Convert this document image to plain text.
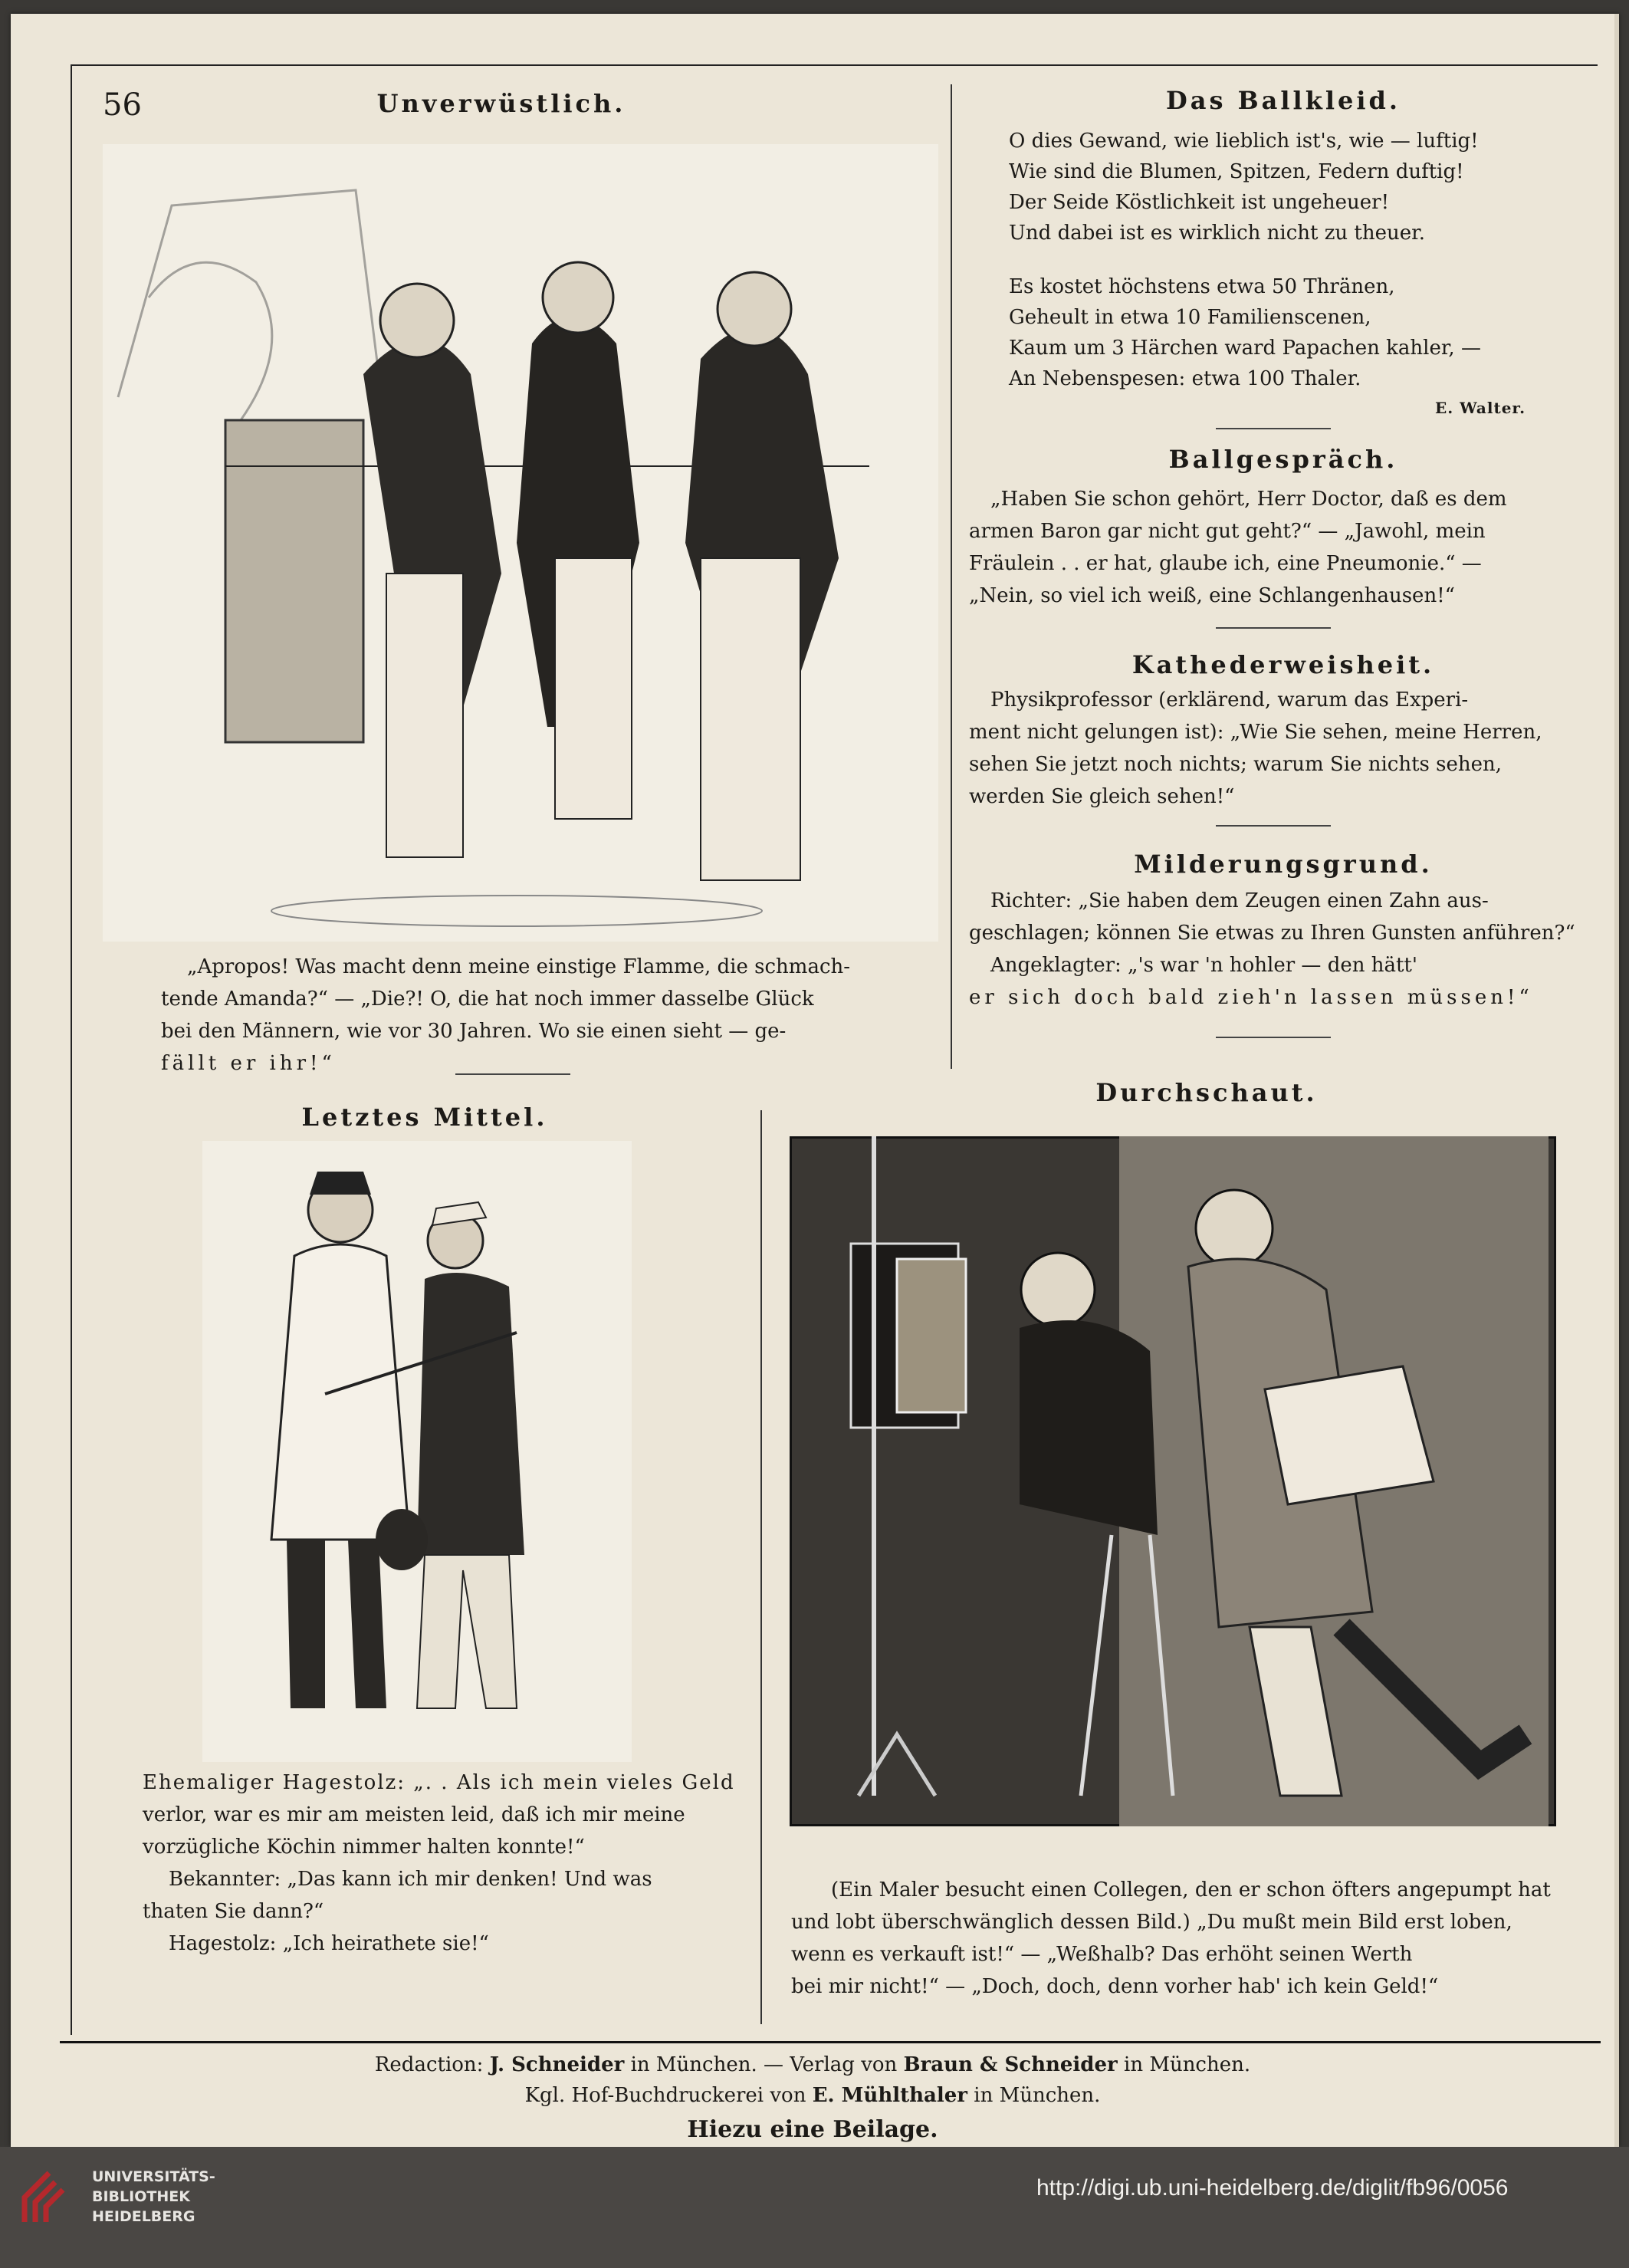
56	Unverwüstlich.

„Apropos! Was macht denn meine einstige Flamme, die schmach-

tende Amanda?“ — „Die?! O, die hat noch immer dasselbe Glück

bei den Männern, wie vor 30 Jahren. Wo sie einen sieht — ge-

fällt er ihr!“

Das Ballkleid.
O dies Gewand, wie lieblich ist's, wie — luftig!
Wie sind die Blumen, Spitzen, Federn duftig!
Der Seide Köstlichkeit ist ungeheuer!
Und dabei ist es wirklich nicht zu theuer.
Es kostet höchstens etwa 50 Thränen,
Geheult in etwa 10 Familienscenen,
Kaum um 3 Härchen ward Papachen kahler, —
An Nebenspesen: etwa 100 Thaler.
E. Walter.
Ballgespräch.

„Haben Sie schon gehört, Herr Doctor, daß es dem

armen Baron gar nicht gut geht?“ — „Jawohl, mein

Fräulein . . er hat, glaube ich, eine Pneumonie.“ —

„Nein, so viel ich weiß, eine Schlangenhausen!“

Kathederweisheit.

Physikprofessor (erklärend, warum das Experi-

ment nicht gelungen ist): „Wie Sie sehen, meine Herren,

sehen Sie jetzt noch nichts; warum Sie nichts sehen,

werden Sie gleich sehen!“

Milderungsgrund.

Richter: „Sie haben dem Zeugen einen Zahn aus-

geschlagen; können Sie etwas zu Ihren Gunsten anführen?“

Angeklagter: „'s war 'n hohler — den hätt'

er sich doch bald zieh'n lassen müssen!“

Letztes Mittel.

Ehemaliger Hagestolz: „. . Als ich mein vieles Geld

verlor, war es mir am meisten leid, daß ich mir meine

vorzügliche Köchin nimmer halten konnte!“

Bekannter: „Das kann ich mir denken! Und was

thaten Sie dann?“

Hagestolz: „Ich heirathete sie!“

Durchschaut.

(Ein Maler besucht einen Collegen, den er schon öfters angepumpt hat

und lobt überschwänglich dessen Bild.) „Du mußt mein Bild erst loben,

wenn es verkauft ist!“ — „Weßhalb? Das erhöht seinen Werth

bei mir nicht!“ — „Doch, doch, denn vorher hab' ich kein Geld!“

Redaction: J. Schneider in München. — Verlag von Braun & Schneider in München.
Kgl. Hof-Buchdruckerei von E. Mühlthaler in München.
Hiezu eine Beilage.
UNIVERSITÄTS-
BIBLIOTHEK
HEIDELBERG
http://digi.ub.uni-heidelberg.de/diglit/fb96/0056
